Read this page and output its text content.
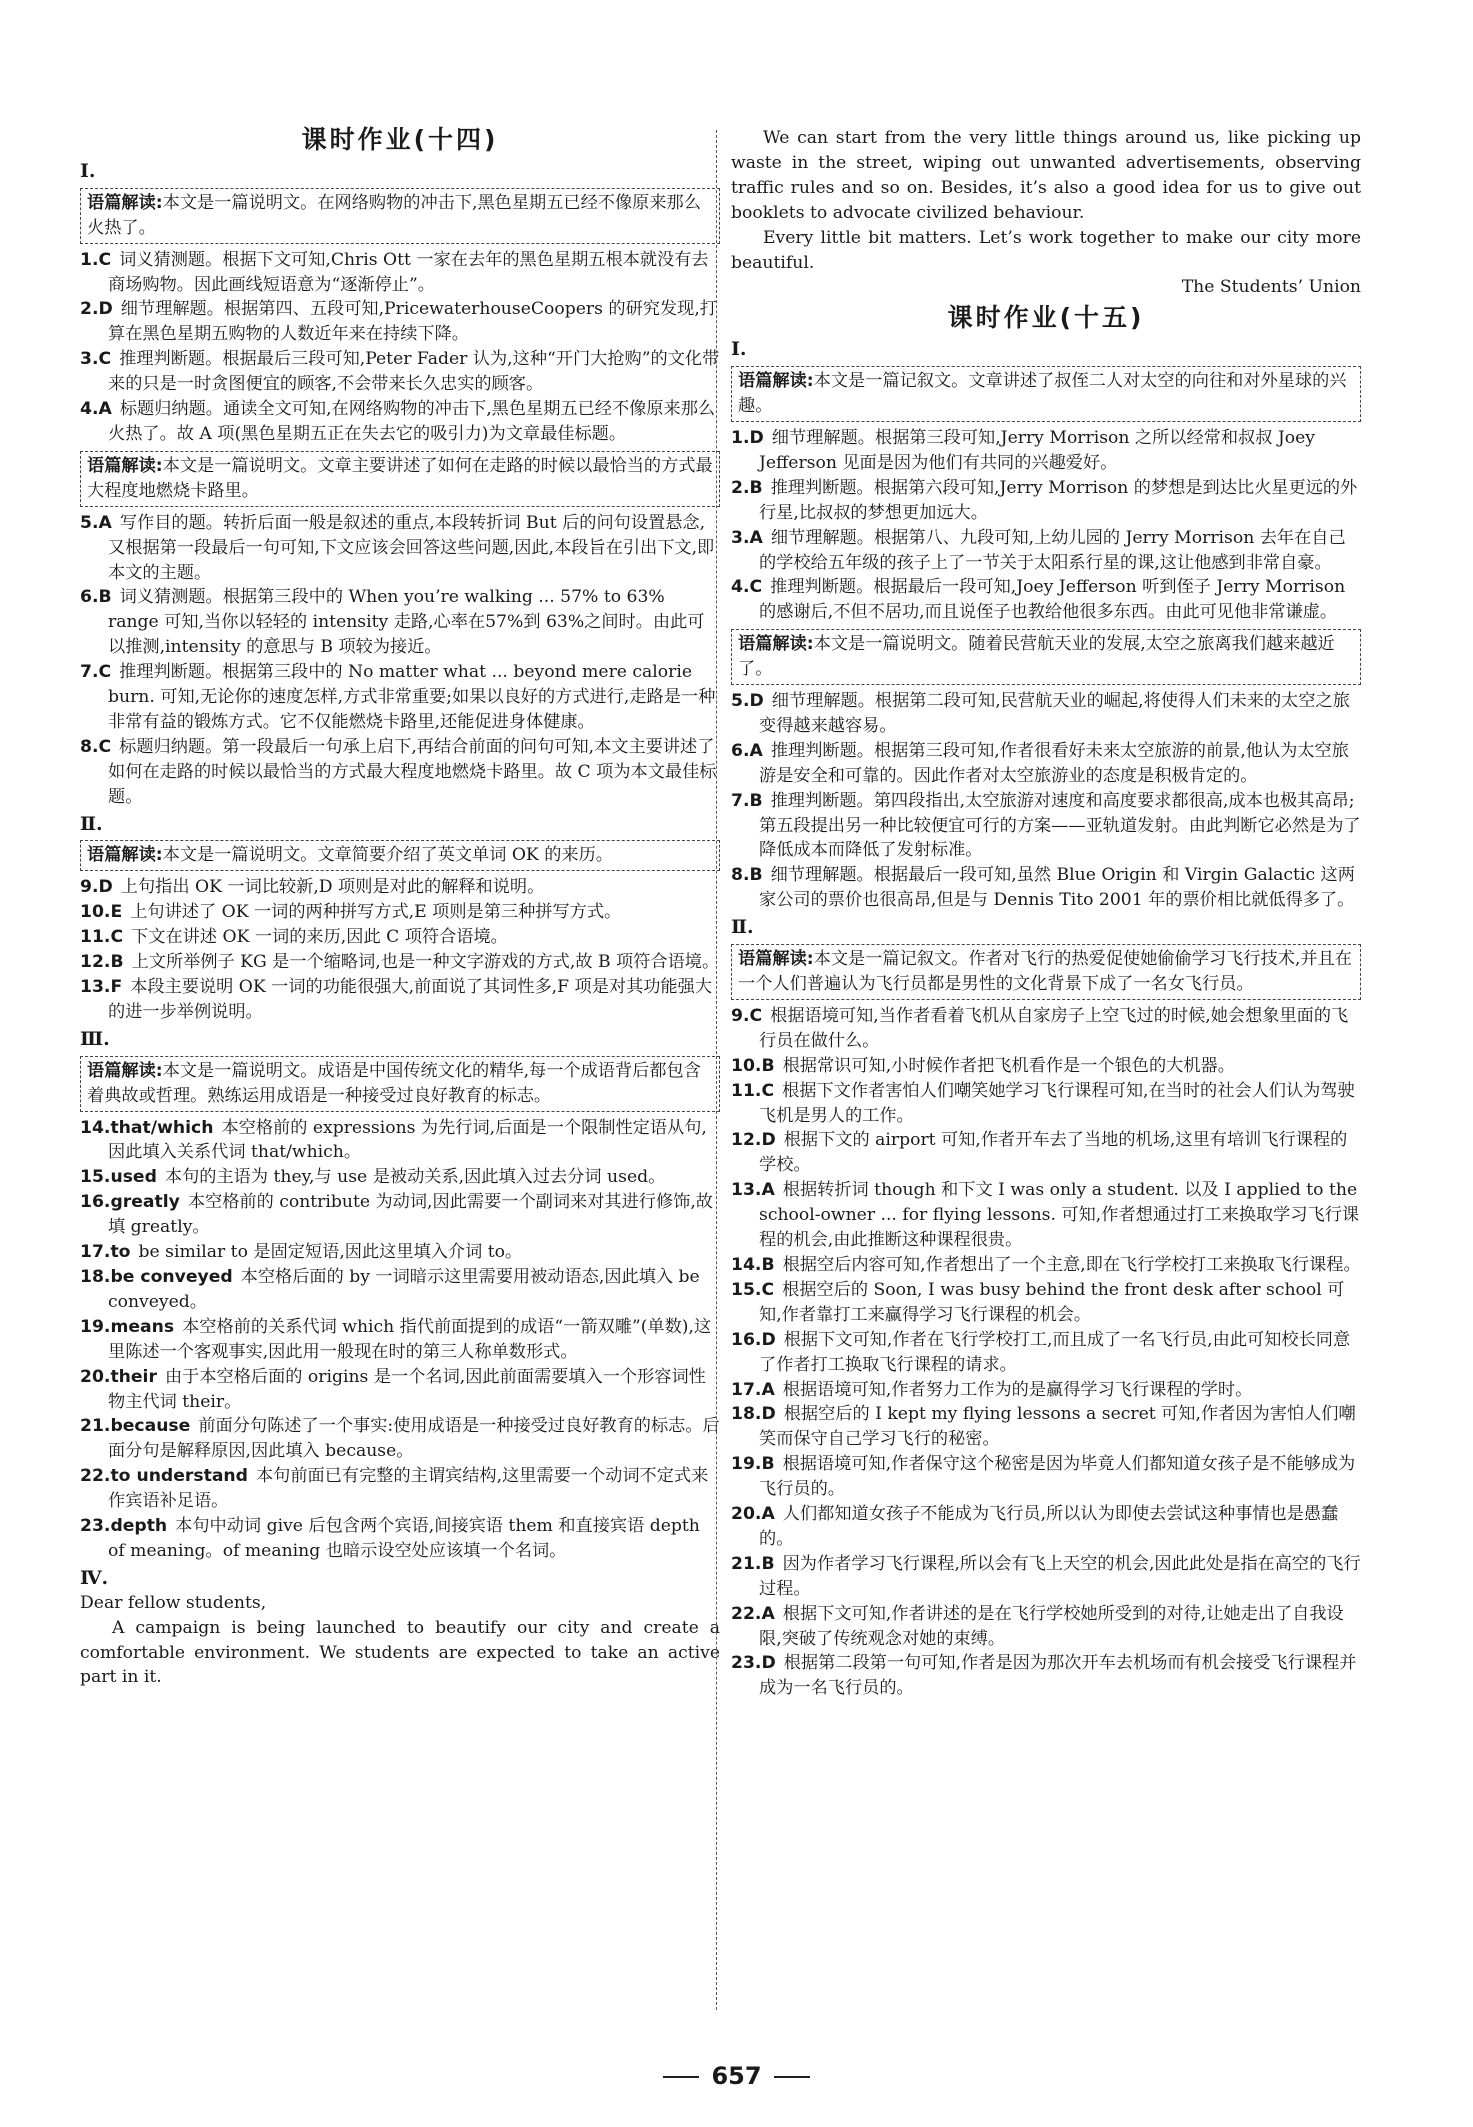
课时作业(十四)
Ⅰ.
语篇解读:本文是一篇说明文。在网络购物的冲击下,黑色星期五已经不像原来那么火热了。

1.C 词义猜测题。根据下文可知,Chris Ott 一家在去年的黑色星期五根本就没有去商场购物。因此画线短语意为“逐渐停止”。

2.D 细节理解题。根据第四、五段可知,PricewaterhouseCoopers 的研究发现,打算在黑色星期五购物的人数近年来在持续下降。

3.C 推理判断题。根据最后三段可知,Peter Fader 认为,这种“开门大抢购”的文化带来的只是一时贪图便宜的顾客,不会带来长久忠实的顾客。

4.A 标题归纳题。通读全文可知,在网络购物的冲击下,黑色星期五已经不像原来那么火热了。故 A 项(黑色星期五正在失去它的吸引力)为文章最佳标题。

语篇解读:本文是一篇说明文。文章主要讲述了如何在走路的时候以最恰当的方式最大程度地燃烧卡路里。

5.A 写作目的题。转折后面一般是叙述的重点,本段转折词 But 后的问句设置悬念,又根据第一段最后一句可知,下文应该会回答这些问题,因此,本段旨在引出下文,即本文的主题。

6.B 词义猜测题。根据第三段中的 When you’re walking ... 57% to 63% range 可知,当你以轻轻的 intensity 走路,心率在57%到 63%之间时。由此可以推测,intensity 的意思与 B 项较为接近。

7.C 推理判断题。根据第三段中的 No matter what ... beyond mere calorie burn. 可知,无论你的速度怎样,方式非常重要;如果以良好的方式进行,走路是一种非常有益的锻炼方式。它不仅能燃烧卡路里,还能促进身体健康。

8.C 标题归纳题。第一段最后一句承上启下,再结合前面的问句可知,本文主要讲述了如何在走路的时候以最恰当的方式最大程度地燃烧卡路里。故 C 项为本文最佳标题。

Ⅱ.
语篇解读:本文是一篇说明文。文章简要介绍了英文单词 OK 的来历。

9.D 上句指出 OK 一词比较新,D 项则是对此的解释和说明。

10.E 上句讲述了 OK 一词的两种拼写方式,E 项则是第三种拼写方式。

11.C 下文在讲述 OK 一词的来历,因此 C 项符合语境。

12.B 上文所举例子 KG 是一个缩略词,也是一种文字游戏的方式,故 B 项符合语境。

13.F 本段主要说明 OK 一词的功能很强大,前面说了其词性多,F 项是对其功能强大的进一步举例说明。

Ⅲ.
语篇解读:本文是一篇说明文。成语是中国传统文化的精华,每一个成语背后都包含着典故或哲理。熟练运用成语是一种接受过良好教育的标志。

14.that/which 本空格前的 expressions 为先行词,后面是一个限制性定语从句,因此填入关系代词 that/which。

15.used 本句的主语为 they,与 use 是被动关系,因此填入过去分词 used。

16.greatly 本空格前的 contribute 为动词,因此需要一个副词来对其进行修饰,故填 greatly。

17.to be similar to 是固定短语,因此这里填入介词 to。

18.be conveyed 本空格后面的 by 一词暗示这里需要用被动语态,因此填入 be conveyed。

19.means 本空格前的关系代词 which 指代前面提到的成语“一箭双雕”(单数),这里陈述一个客观事实,因此用一般现在时的第三人称单数形式。

20.their 由于本空格后面的 origins 是一个名词,因此前面需要填入一个形容词性物主代词 their。

21.because 前面分句陈述了一个事实:使用成语是一种接受过良好教育的标志。后面分句是解释原因,因此填入 because。

22.to understand 本句前面已有完整的主谓宾结构,这里需要一个动词不定式来作宾语补足语。

23.depth 本句中动词 give 后包含两个宾语,间接宾语 them 和直接宾语 depth of meaning。of meaning 也暗示设空处应该填一个名词。

Ⅳ.

Dear fellow students,

A campaign is being launched to beautify our city and create a comfortable environment. We students are expected to take an active part in it.

We can start from the very little things around us, like picking up waste in the street, wiping out unwanted advertisements, observing traffic rules and so on. Besides, it’s also a good idea for us to give out booklets to advocate civilized behaviour.

Every little bit matters. Let’s work together to make our city more beautiful.

The Students’ Union

课时作业(十五)
Ⅰ.
语篇解读:本文是一篇记叙文。文章讲述了叔侄二人对太空的向往和对外星球的兴趣。

1.D 细节理解题。根据第三段可知,Jerry Morrison 之所以经常和叔叔 Joey Jefferson 见面是因为他们有共同的兴趣爱好。

2.B 推理判断题。根据第六段可知,Jerry Morrison 的梦想是到达比火星更远的外行星,比叔叔的梦想更加远大。

3.A 细节理解题。根据第八、九段可知,上幼儿园的 Jerry Morrison 去年在自己的学校给五年级的孩子上了一节关于太阳系行星的课,这让他感到非常自豪。

4.C 推理判断题。根据最后一段可知,Joey Jefferson 听到侄子 Jerry Morrison 的感谢后,不但不居功,而且说侄子也教给他很多东西。由此可见他非常谦虚。

语篇解读:本文是一篇说明文。随着民营航天业的发展,太空之旅离我们越来越近了。

5.D 细节理解题。根据第二段可知,民营航天业的崛起,将使得人们未来的太空之旅变得越来越容易。

6.A 推理判断题。根据第三段可知,作者很看好未来太空旅游的前景,他认为太空旅游是安全和可靠的。因此作者对太空旅游业的态度是积极肯定的。

7.B 推理判断题。第四段指出,太空旅游对速度和高度要求都很高,成本也极其高昂;第五段提出另一种比较便宜可行的方案——亚轨道发射。由此判断它必然是为了降低成本而降低了发射标准。

8.B 细节理解题。根据最后一段可知,虽然 Blue Origin 和 Virgin Galactic 这两家公司的票价也很高昂,但是与 Dennis Tito 2001 年的票价相比就低得多了。

Ⅱ.
语篇解读:本文是一篇记叙文。作者对飞行的热爱促使她偷偷学习飞行技术,并且在一个人们普遍认为飞行员都是男性的文化背景下成了一名女飞行员。

9.C 根据语境可知,当作者看着飞机从自家房子上空飞过的时候,她会想象里面的飞行员在做什么。

10.B 根据常识可知,小时候作者把飞机看作是一个银色的大机器。

11.C 根据下文作者害怕人们嘲笑她学习飞行课程可知,在当时的社会人们认为驾驶飞机是男人的工作。

12.D 根据下文的 airport 可知,作者开车去了当地的机场,这里有培训飞行课程的学校。

13.A 根据转折词 though 和下文 I was only a student. 以及 I applied to the school-owner ... for flying lessons. 可知,作者想通过打工来换取学习飞行课程的机会,由此推断这种课程很贵。

14.B 根据空后内容可知,作者想出了一个主意,即在飞行学校打工来换取飞行课程。

15.C 根据空后的 Soon, I was busy behind the front desk after school 可知,作者靠打工来赢得学习飞行课程的机会。

16.D 根据下文可知,作者在飞行学校打工,而且成了一名飞行员,由此可知校长同意了作者打工换取飞行课程的请求。

17.A 根据语境可知,作者努力工作为的是赢得学习飞行课程的学时。

18.D 根据空后的 I kept my flying lessons a secret 可知,作者因为害怕人们嘲笑而保守自己学习飞行的秘密。

19.B 根据语境可知,作者保守这个秘密是因为毕竟人们都知道女孩子是不能够成为飞行员的。

20.A 人们都知道女孩子不能成为飞行员,所以认为即使去尝试这种事情也是愚蠢的。

21.B 因为作者学习飞行课程,所以会有飞上天空的机会,因此此处是指在高空的飞行过程。

22.A 根据下文可知,作者讲述的是在飞行学校她所受到的对待,让她走出了自我设限,突破了传统观念对她的束缚。

23.D 根据第二段第一句可知,作者是因为那次开车去机场而有机会接受飞行课程并成为一名飞行员的。

657
